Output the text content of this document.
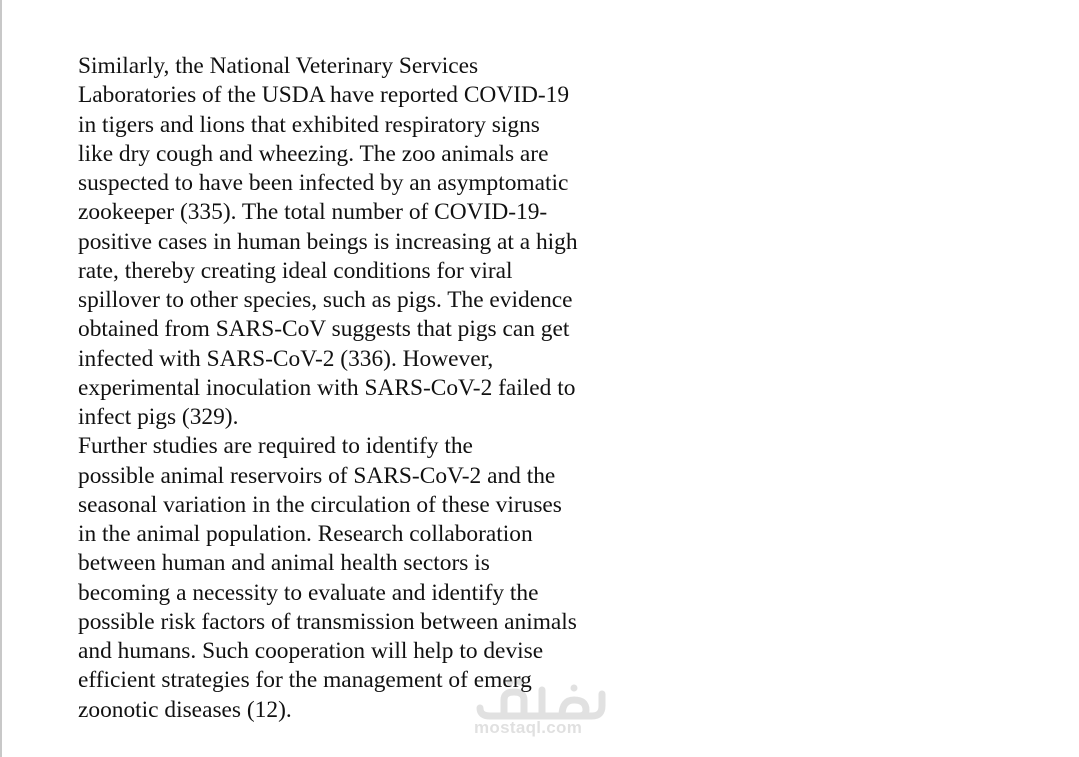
Similarly, the National Veterinary Services
Laboratories of the USDA have reported COVID-19
in tigers and lions that exhibited respiratory signs
like dry cough and wheezing. The zoo animals are
suspected to have been infected by an asymptomatic
zookeeper (335). The total number of COVID-19-
positive cases in human beings is increasing at a high
rate, thereby creating ideal conditions for viral
spillover to other species, such as pigs. The evidence
obtained from SARS-CoV suggests that pigs can get
infected with SARS-CoV-2 (336). However,
experimental inoculation with SARS-CoV-2 failed to
infect pigs (329).
Further studies are required to identify the
possible animal reservoirs of SARS-CoV-2 and the
seasonal variation in the circulation of these viruses
in the animal population. Research collaboration
between human and animal health sectors is
becoming a necessity to evaluate and identify the
possible risk factors of transmission between animals
and humans. Such cooperation will help to devise
efficient strategies for the management of emerg
zoonotic diseases (12).
mostaql.com
